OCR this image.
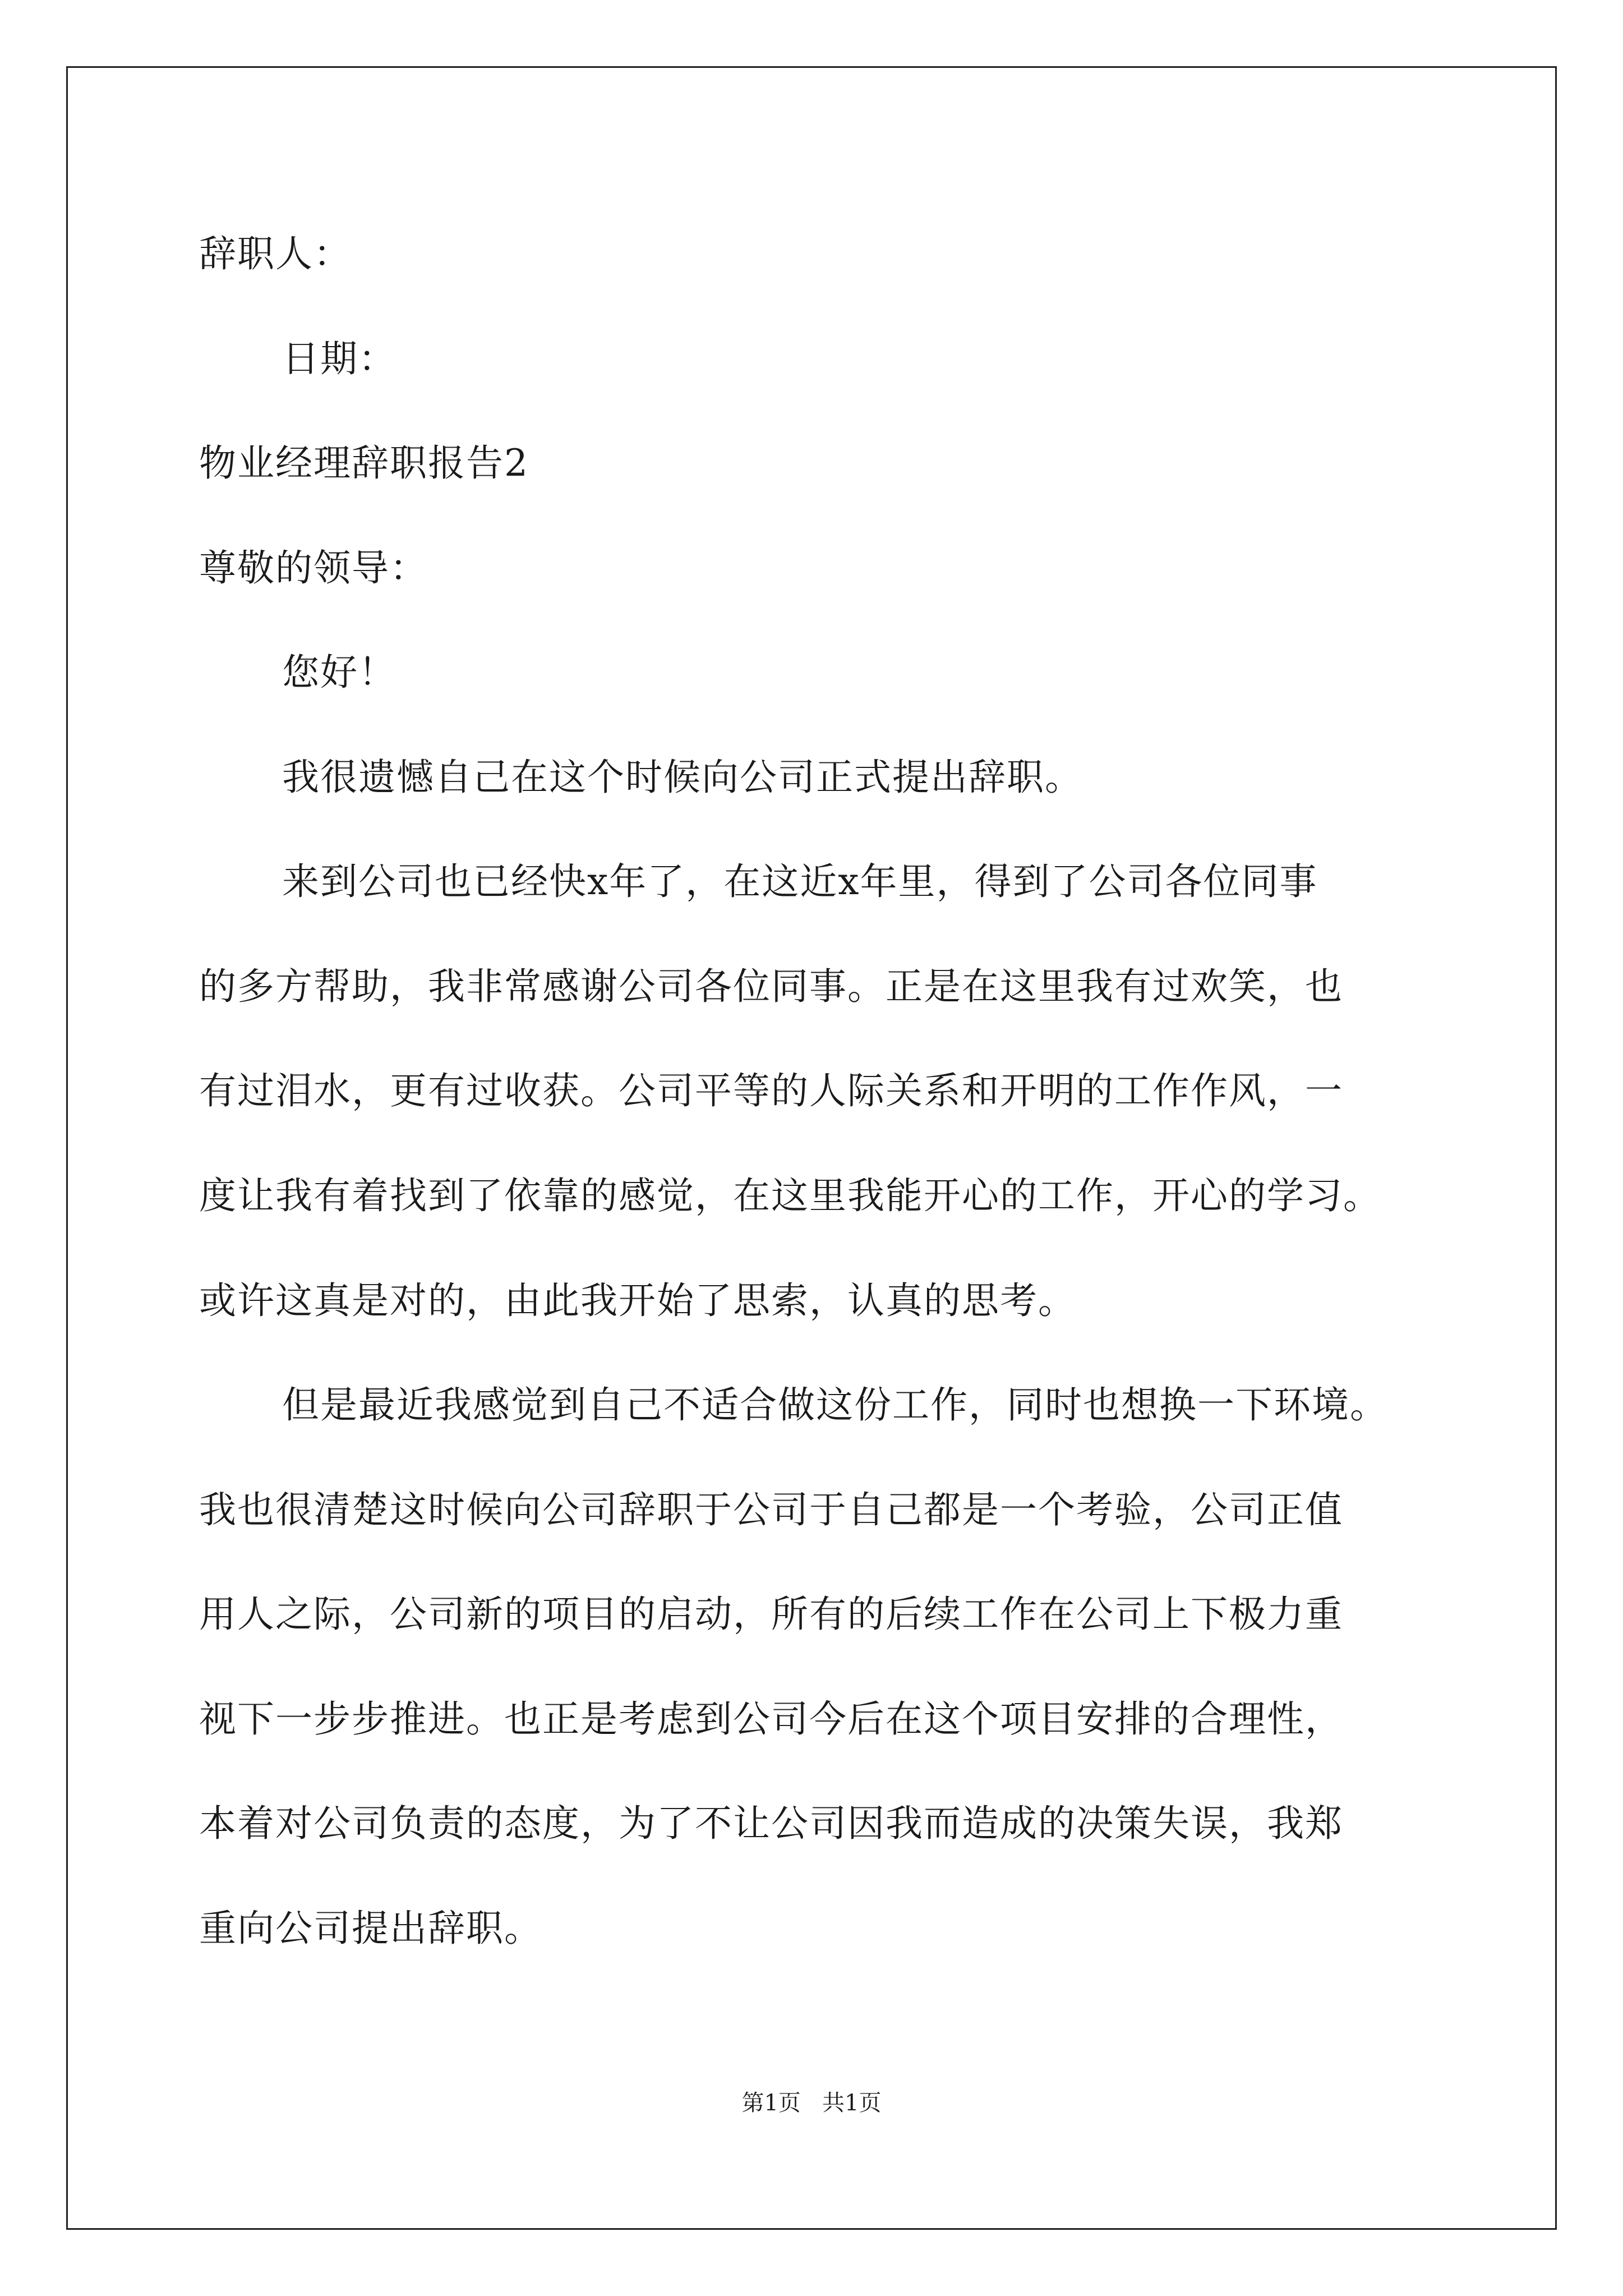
辞职人：
日期：
物业经理辞职报告2
尊敬的领导：
您好！
我很遗憾自己在这个时候向公司正式提出辞职。
来到公司也已经快x年了，在这近x年里，得到了公司各位同事
的多方帮助，我非常感谢公司各位同事。正是在这里我有过欢笑，也
有过泪水，更有过收获。公司平等的人际关系和开明的工作作风，一
度让我有着找到了依靠的感觉，在这里我能开心的工作，开心的学习。
或许这真是对的，由此我开始了思索，认真的思考。
但是最近我感觉到自己不适合做这份工作，同时也想换一下环境。
我也很清楚这时候向公司辞职于公司于自己都是一个考验，公司正值
用人之际，公司新的项目的启动，所有的后续工作在公司上下极力重
视下一步步推进。也正是考虑到公司今后在这个项目安排的合理性，
本着对公司负责的态度，为了不让公司因我而造成的决策失误，我郑
重向公司提出辞职。
第1页   共1页
